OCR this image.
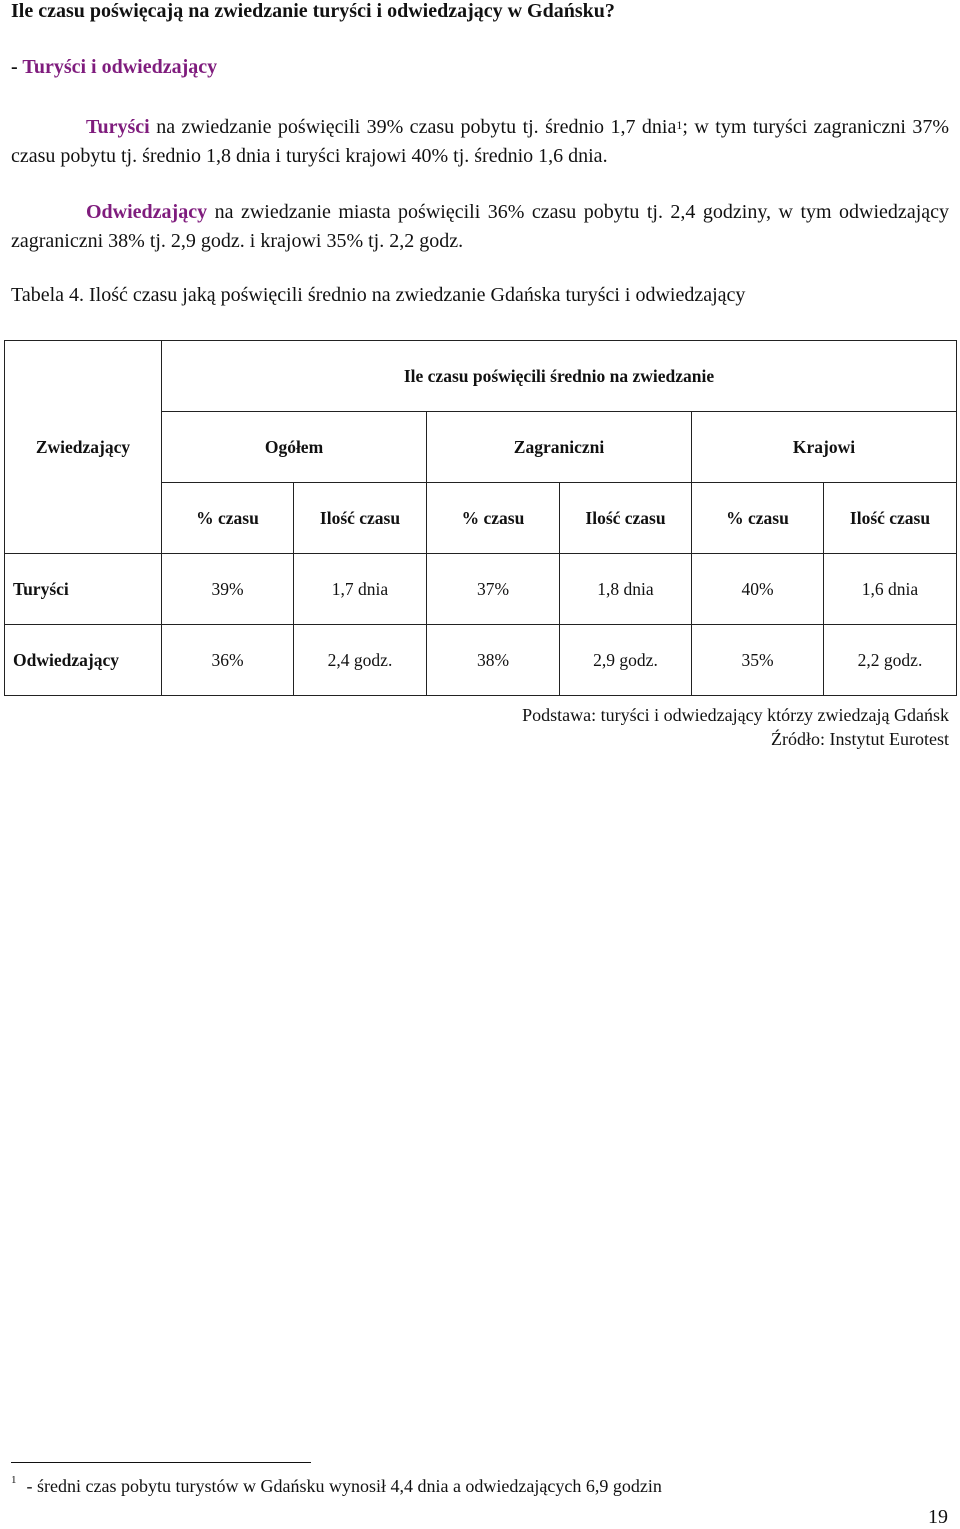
Ile czasu poświęcają na zwiedzanie turyści i odwiedzający w Gdańsku?
- Turyści i odwiedzający
Turyści na zwiedzanie poświęcili 39% czasu pobytu tj. średnio 1,7 dnia$^1$; w tym turyści zagraniczni 37% czasu pobytu tj. średnio 1,8 dnia i turyści krajowi 40% tj. średnio 1,6 dnia.
Odwiedzający na zwiedzanie miasta poświęcili 36% czasu pobytu tj. 2,4 godziny, w tym odwiedzający zagraniczni 38% tj. 2,9 godz. i krajowi 35% tj. 2,2 godz.
Tabela 4. Ilość czasu jaką poświęcili średnio na zwiedzanie Gdańska turyści i odwiedzający
	Ile czasu poświęcili średnio na zwiedzanie					
Zwiedzający	Ogółem		Zagraniczni		Krajowi	
	% czasu	Ilość czasu	% czasu	Ilość czasu	% czasu	Ilość czasu
Turyści	39%	1,7 dnia	37%	1,8 dnia	40%	1,6 dnia
Odwiedzający	36%	2,4 godz.	38%	2,9 godz.	35%	2,2 godz.
Podstawa: turyści i odwiedzający którzy zwiedzają Gdańsk
Źródło: Instytut Eurotest
$^1$ - średni czas pobytu turystów w Gdańsku wynosił 4,4 dnia a odwiedzających 6,9 godzin
19
